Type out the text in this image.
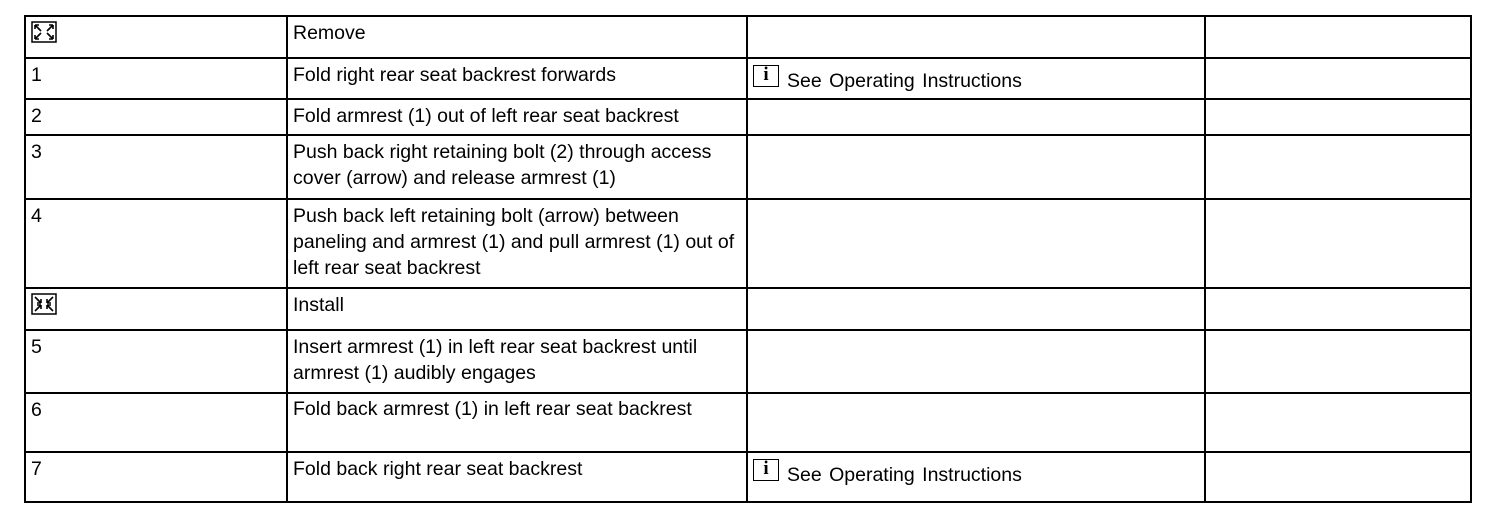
	Remove		
1	Fold right rear seat backrest forwards	i See Operating Instructions	
2	Fold armrest (1) out of left rear seat backrest		
3	Push back right retaining bolt (2) through access cover (arrow) and release armrest (1)		
4	Push back left retaining bolt (arrow) between paneling and armrest (1) and pull armrest (1) out of left rear seat backrest		
	Install		
5	Insert armrest (1) in left rear seat backrest until armrest (1) audibly engages		
6	Fold back armrest (1) in left rear seat backrest		
7	Fold back right rear seat backrest	i See Operating Instructions	
